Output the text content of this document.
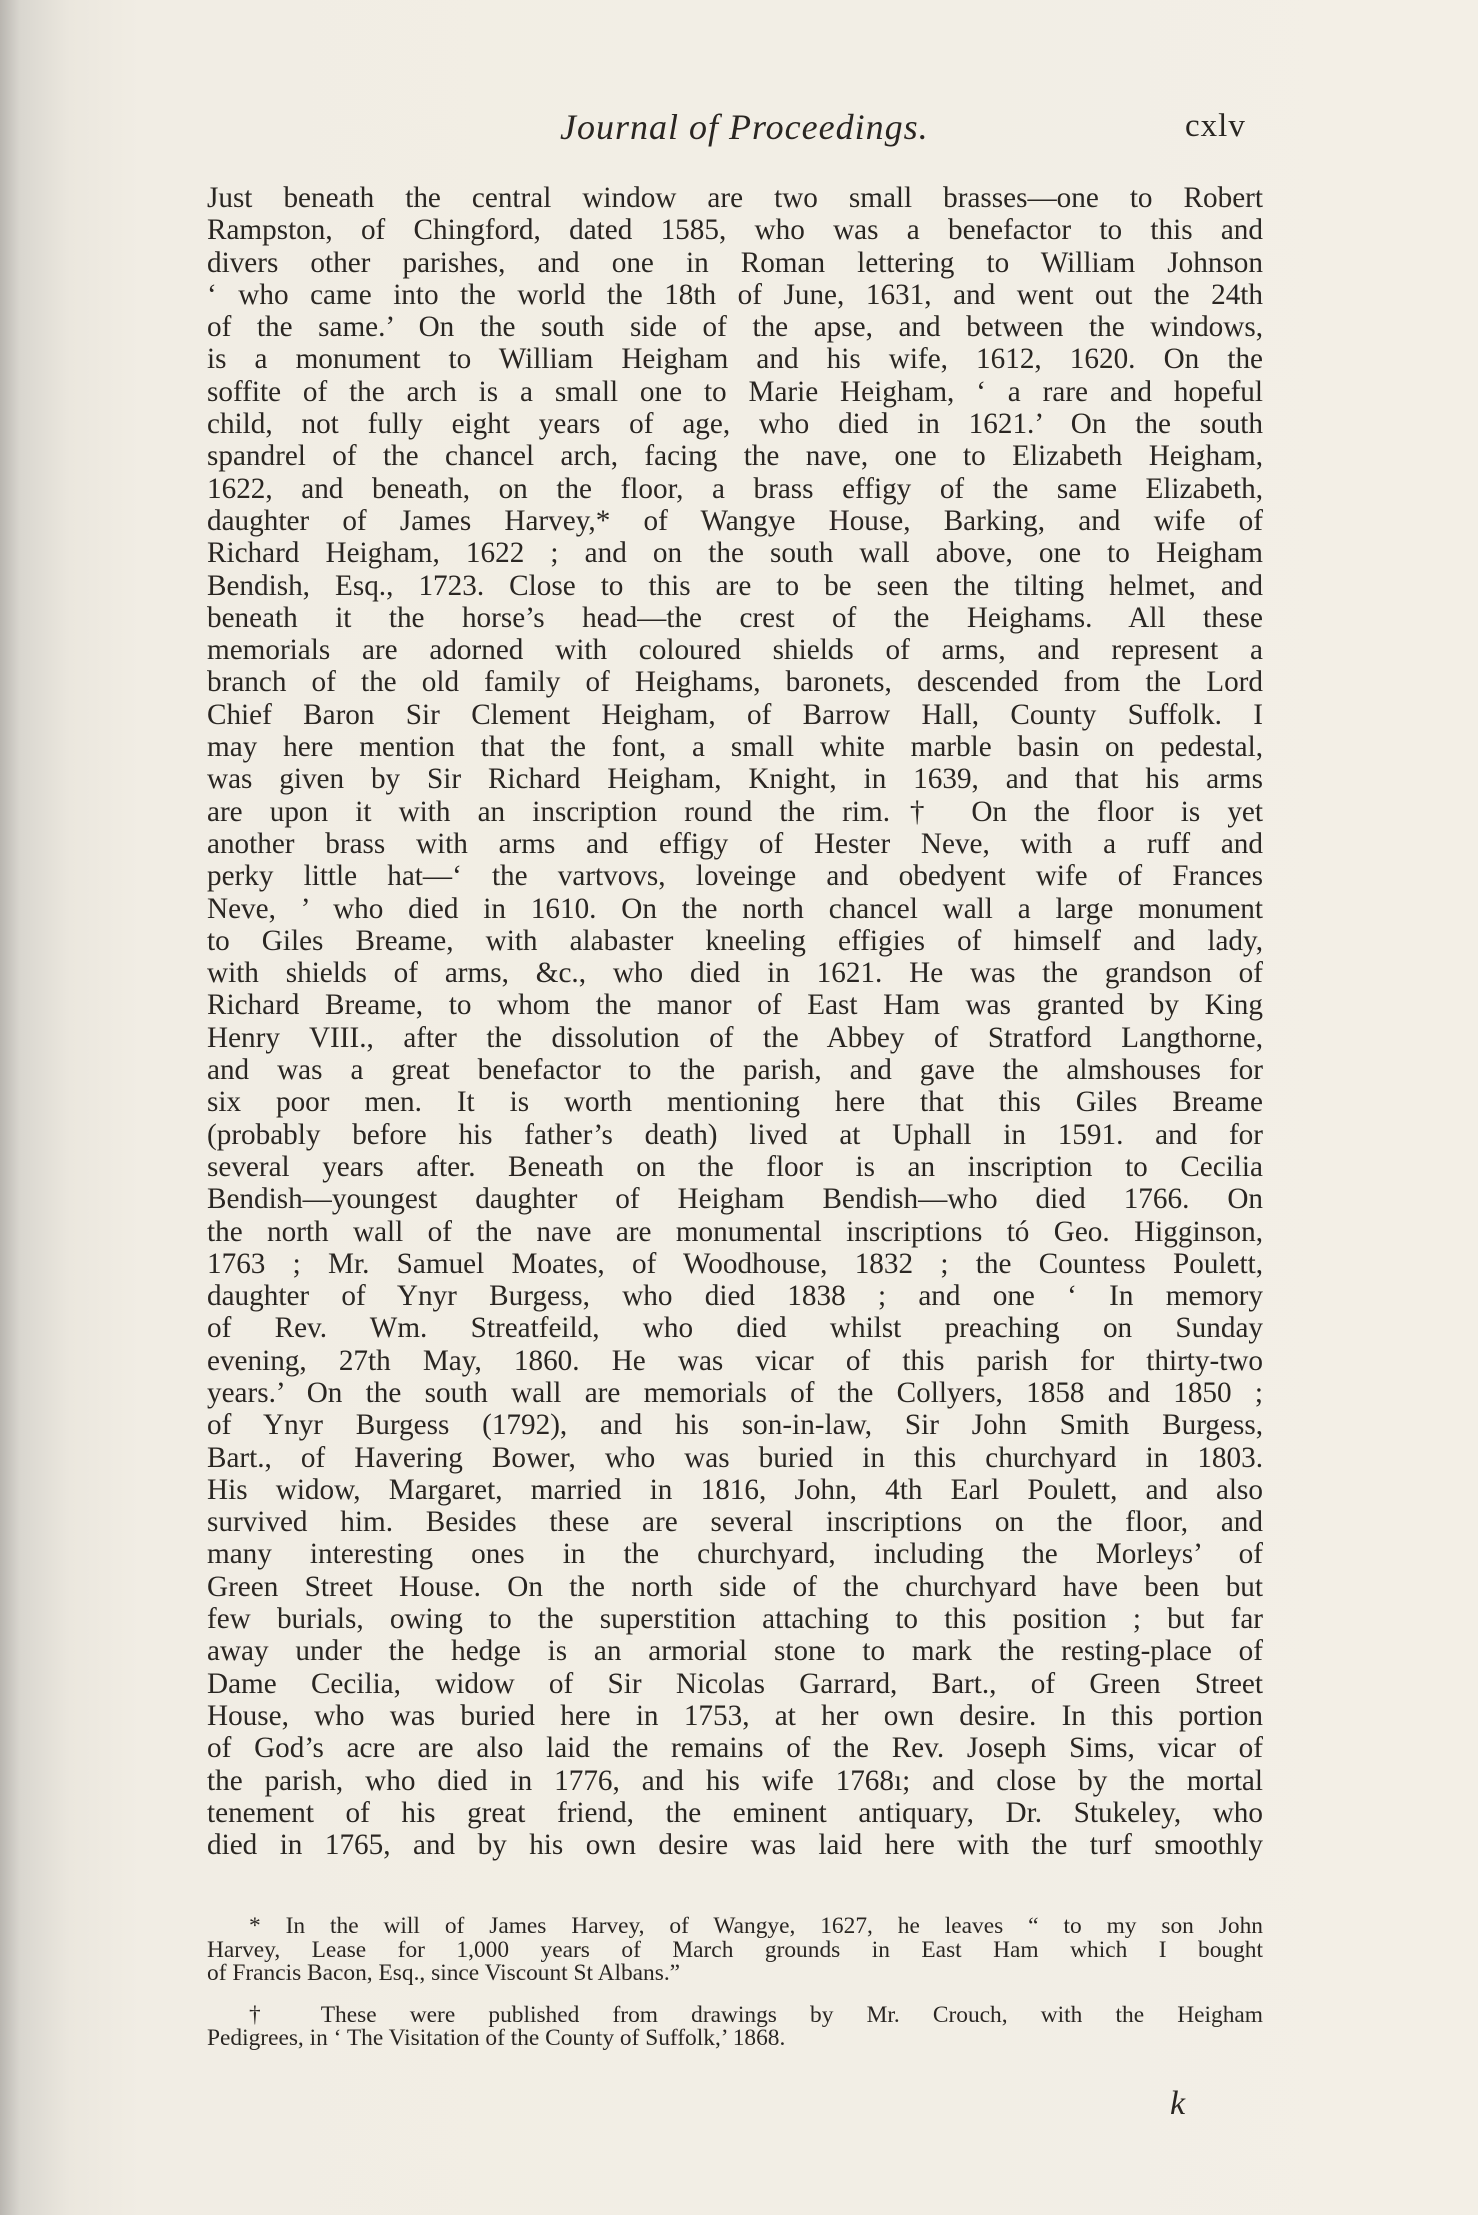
Journal of Proceedings.	cxlv
Just beneath the central window are two small brasses—one to Robert
Rampston, of Chingford, dated 1585, who was a benefactor to this and
divers other parishes, and one in Roman lettering to William Johnson
‘ who came into the world the 18th of June, 1631, and went out the 24th
of the same.’ On the south side of the apse, and between the windows,
is a monument to William Heigham and his wife, 1612, 1620. On the
soffite of the arch is a small one to Marie Heigham, ‘ a rare and hopeful
child, not fully eight years of age, who died in 1621.’ On the south
spandrel of the chancel arch, facing the nave, one to Elizabeth Heigham,
1622, and beneath, on the floor, a brass effigy of the same Elizabeth,
daughter of James Harvey,* of Wangye House, Barking, and wife of
Richard Heigham, 1622 ; and on the south wall above, one to Heigham
Bendish, Esq., 1723. Close to this are to be seen the tilting helmet, and
beneath it the horse’s head—the crest of the Heighams. All these
memorials are adorned with coloured shields of arms, and represent a
branch of the old family of Heighams, baronets, descended from the Lord
Chief Baron Sir Clement Heigham, of Barrow Hall, County Suffolk. I
may here mention that the font, a small white marble basin on pedestal,
was given by Sir Richard Heigham, Knight, in 1639, and that his arms
are upon it with an inscription round the rim.† On the floor is yet
another brass with arms and effigy of Hester Neve, with a ruff and
perky little hat—‘ the vartvovs, loveinge and obedyent wife of Frances
Neve, ’ who died in 1610. On the north chancel wall a large monument
to Giles Breame, with alabaster kneeling effigies of himself and lady,
with shields of arms, &c., who died in 1621. He was the grandson of
Richard Breame, to whom the manor of East Ham was granted by King
Henry VIII., after the dissolution of the Abbey of Stratford Langthorne,
and was a great benefactor to the parish, and gave the almshouses for
six poor men. It is worth mentioning here that this Giles Breame
(probably before his father’s death) lived at Uphall in 1591. and for
several years after. Beneath on the floor is an inscription to Cecilia
Bendish—youngest daughter of Heigham Bendish—who died 1766. On
the north wall of the nave are monumental inscriptions tó Geo. Higginson,
1763 ; Mr. Samuel Moates, of Woodhouse, 1832 ; the Countess Poulett,
daughter of Ynyr Burgess, who died 1838 ; and one ‘ In memory
of Rev. Wm. Streatfeild, who died whilst preaching on Sunday
evening, 27th May, 1860. He was vicar of this parish for thirty-two
years.’ On the south wall are memorials of the Collyers, 1858 and 1850 ;
of Ynyr Burgess (1792), and his son-in-law, Sir John Smith Burgess,
Bart., of Havering Bower, who was buried in this churchyard in 1803.
His widow, Margaret, married in 1816, John, 4th Earl Poulett, and also
survived him. Besides these are several inscriptions on the floor, and
many interesting ones in the churchyard, including the Morleys’ of
Green Street House. On the north side of the churchyard have been but
few burials, owing to the superstition attaching to this position ; but far
away under the hedge is an armorial stone to mark the resting-place of
Dame Cecilia, widow of Sir Nicolas Garrard, Bart., of Green Street
House, who was buried here in 1753, at her own desire. In this portion
of God’s acre are also laid the remains of the Rev. Joseph Sims, vicar of
the parish, who died in 1776, and his wife 1768ı; and close by the mortal
tenement of his great friend, the eminent antiquary, Dr. Stukeley, who
died in 1765, and by his own desire was laid here with the turf smoothly
* In the will of James Harvey, of Wangye, 1627, he leaves “ to my son John
Harvey, Lease for 1,000 years of March grounds in East Ham which I bought
of Francis Bacon, Esq., since Viscount St Albans.”
† These were published from drawings by Mr. Crouch, with the Heigham
Pedigrees, in ‘ The Visitation of the County of Suffolk,’ 1868.
k
